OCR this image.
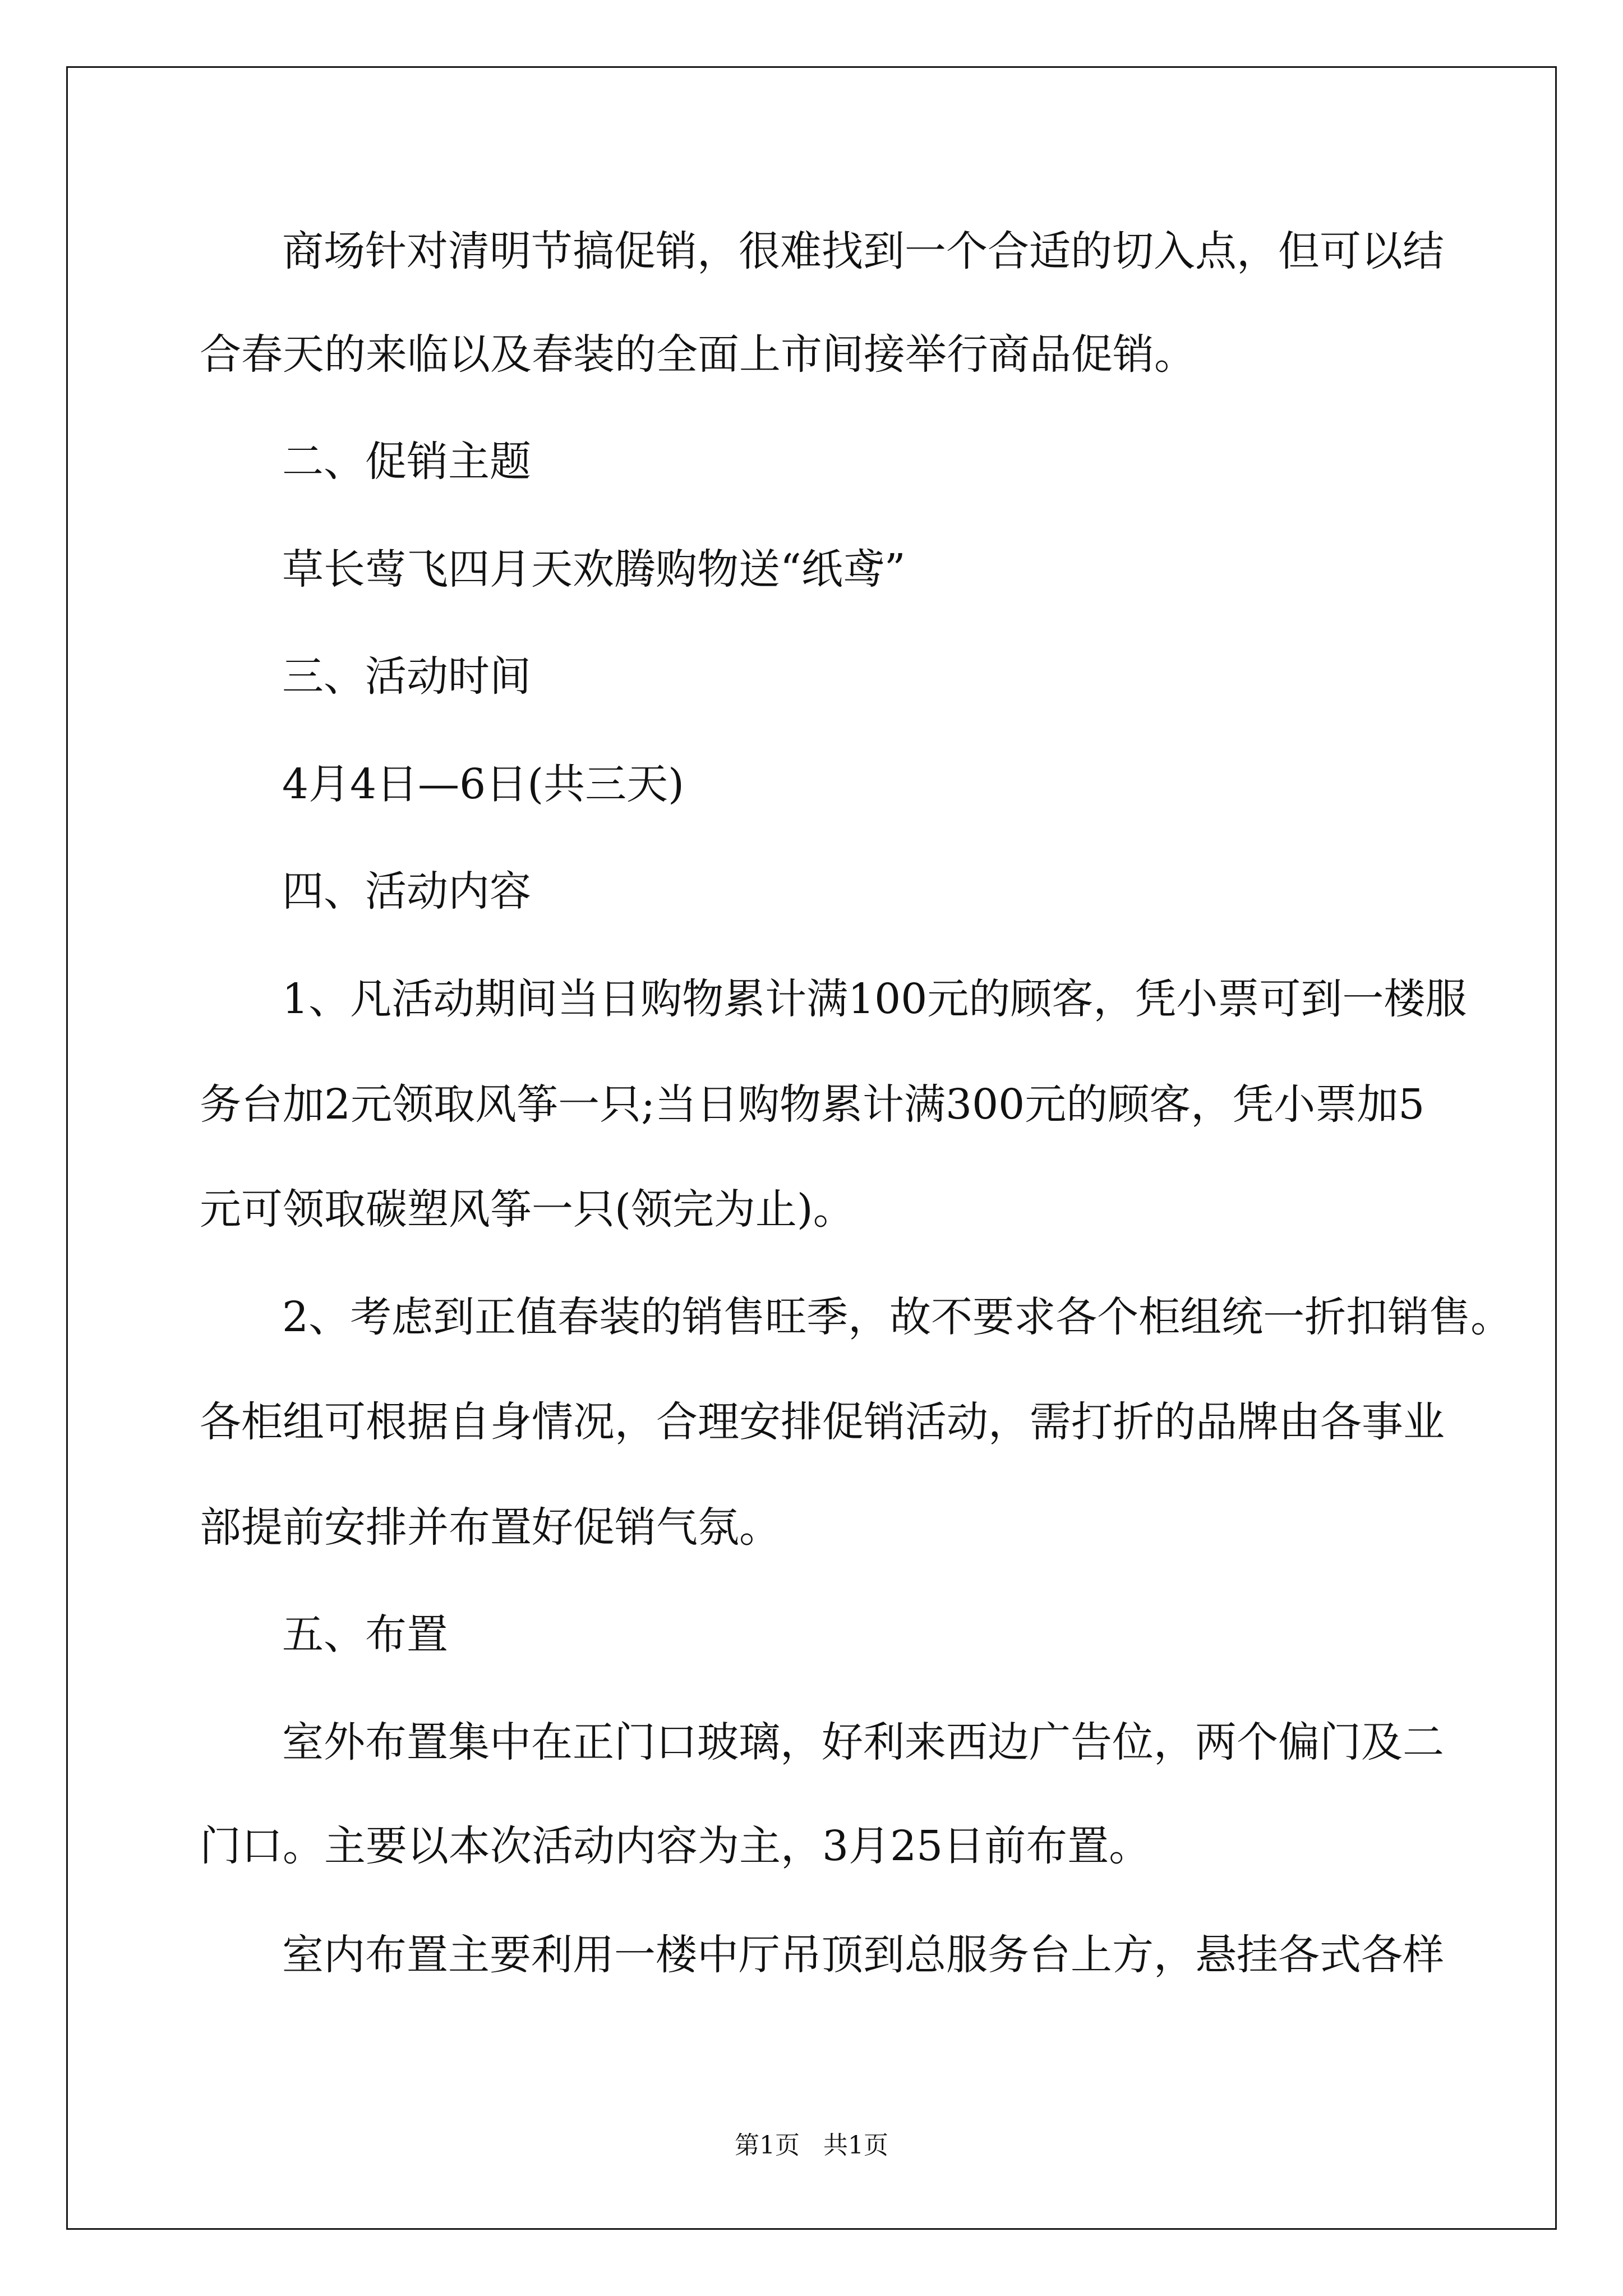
商场针对清明节搞促销，很难找到一个合适的切入点，但可以结
合春天的来临以及春装的全面上市间接举行商品促销。
二、促销主题
草长莺飞四月天欢腾购物送“纸鸢”
三、活动时间
4月4日—6日(共三天)
四、活动内容
1、凡活动期间当日购物累计满100元的顾客，凭小票可到一楼服
务台加2元领取风筝一只;当日购物累计满300元的顾客，凭小票加5
元可领取碳塑风筝一只(领完为止)。
2、考虑到正值春装的销售旺季，故不要求各个柜组统一折扣销售。
各柜组可根据自身情况，合理安排促销活动，需打折的品牌由各事业
部提前安排并布置好促销气氛。
五、布置
室外布置集中在正门口玻璃，好利来西边广告位，两个偏门及二
门口。主要以本次活动内容为主，3月25日前布置。
室内布置主要利用一楼中厅吊顶到总服务台上方，悬挂各式各样
第1页   共1页
